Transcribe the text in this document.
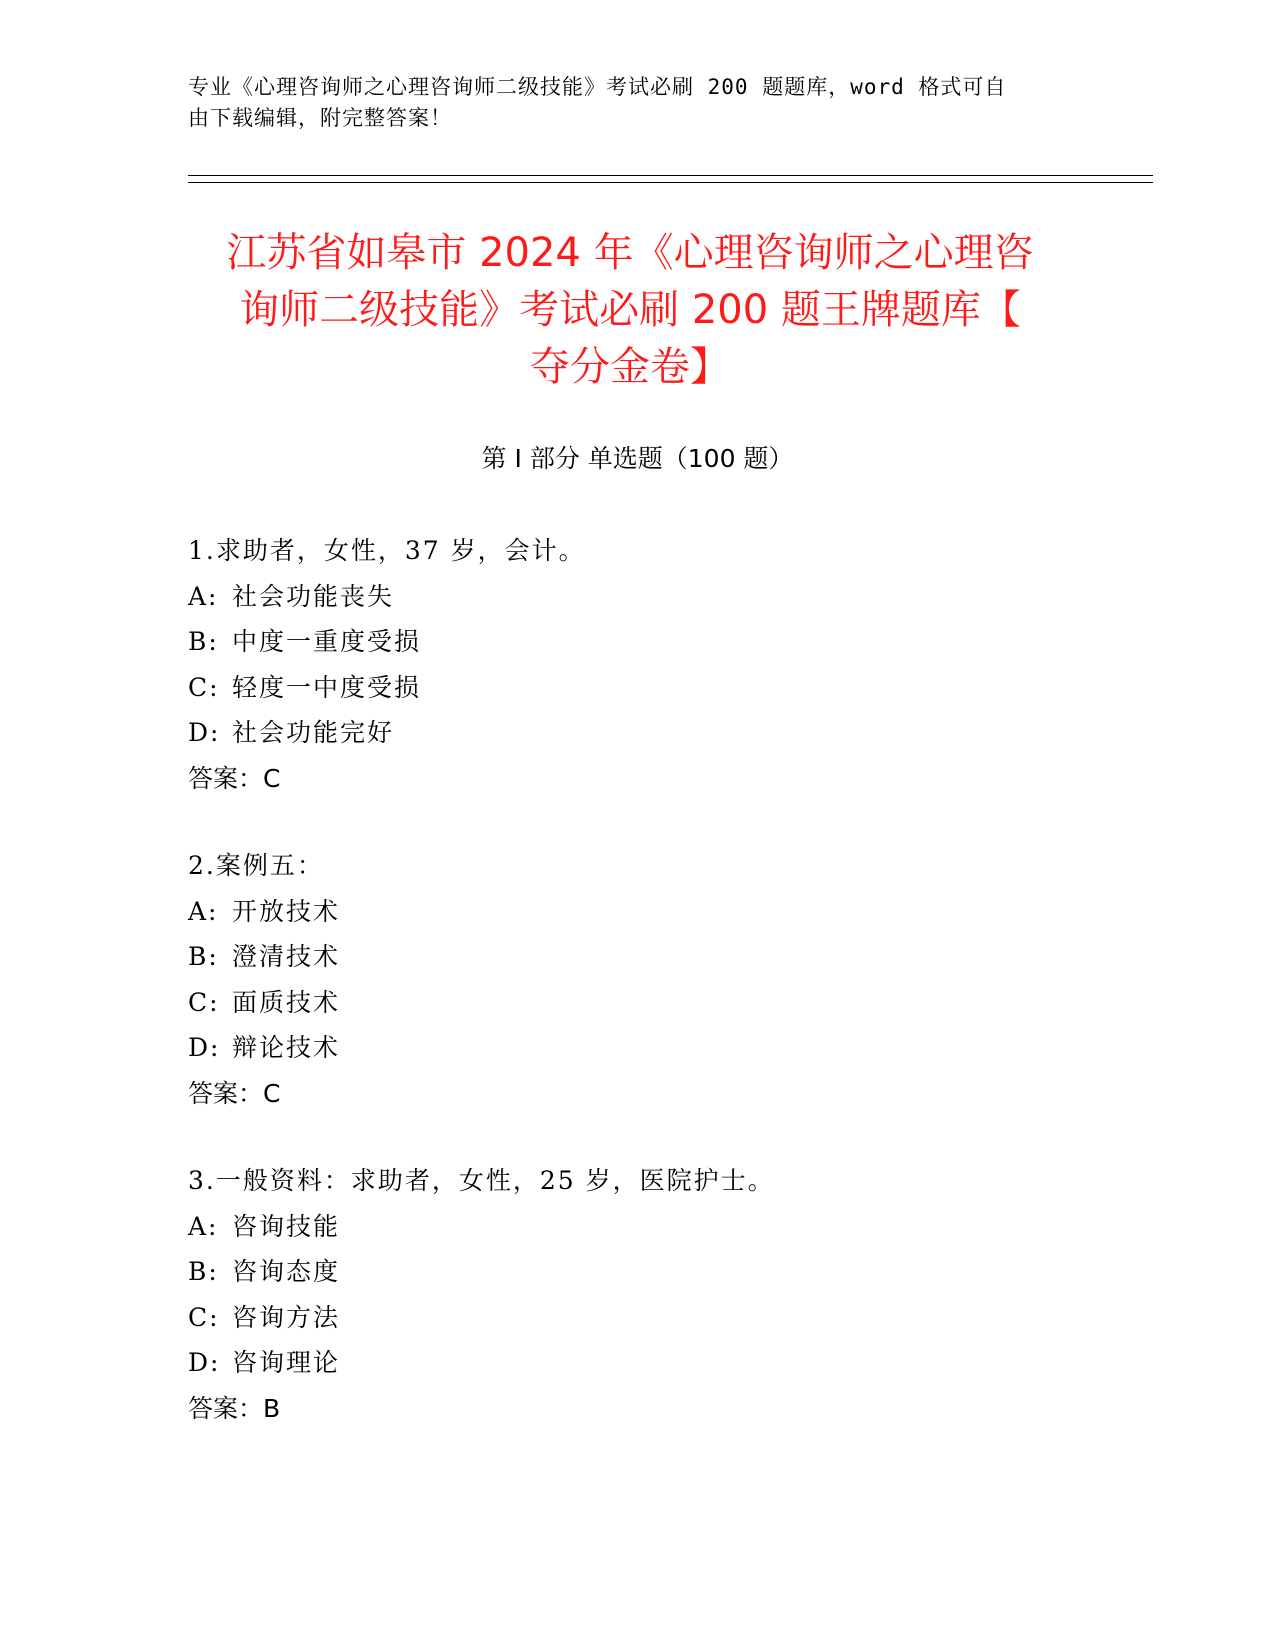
专业《心理咨询师之心理咨询师二级技能》考试必刷 200 题题库，word 格式可自
由下载编辑，附完整答案！
江苏省如皋市 2024 年《心理咨询师之心理咨
询师二级技能》考试必刷 200 题王牌题库【
夺分金卷】
第 I 部分 单选题（100 题）
1.求助者，女性，37 岁，会计。
A: 社会功能丧失
B: 中度一重度受损
C: 轻度一中度受损
D: 社会功能完好
答案：C
2.案例五：
A: 开放技术
B: 澄清技术
C: 面质技术
D: 辩论技术
答案：C
3.一般资料：求助者，女性，25 岁，医院护士。
A: 咨询技能
B: 咨询态度
C: 咨询方法
D: 咨询理论
答案：B
